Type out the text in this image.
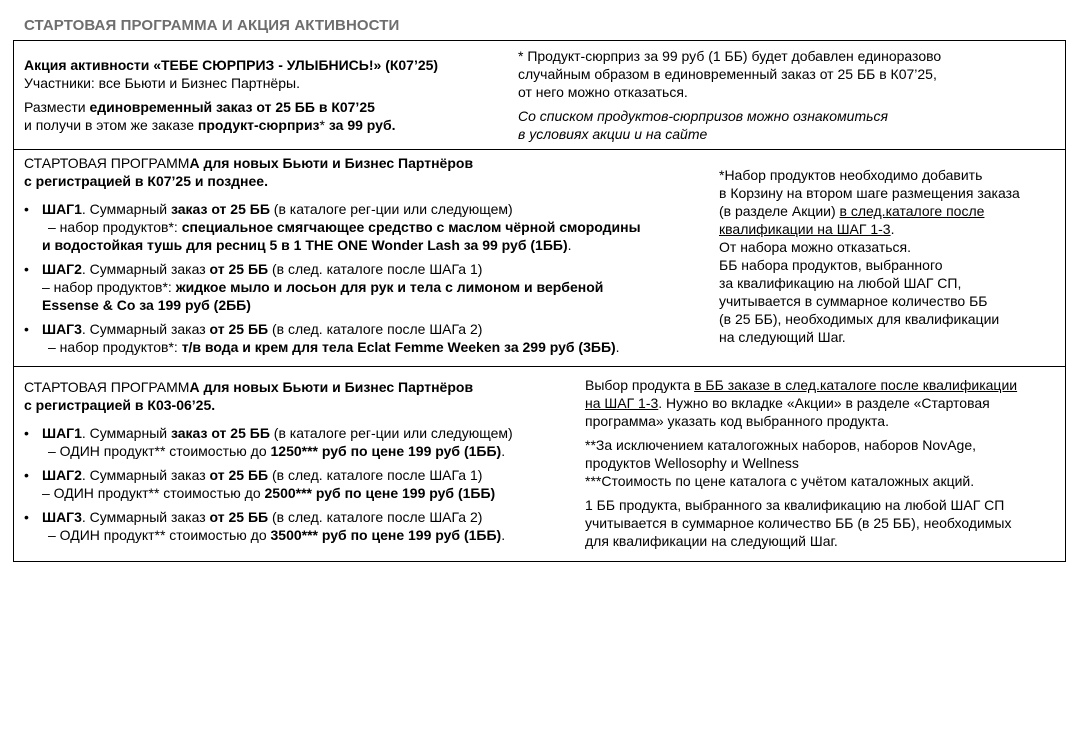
СТАРТОВАЯ ПРОГРАММА И АКЦИЯ АКТИВНОСТИ

Акция активности «ТЕБЕ СЮРПРИЗ - УЛЫБНИСЬ!» (К07’25)

Участники: все Бьюти и Бизнес Партнёры.

Размести единовременный заказ от 25 ББ в К07’25

и получи в этом же заказе продукт-сюрприз* за 99 руб.

* Продукт-сюрприз за 99 руб (1 ББ) будет добавлен единоразово

случайным образом в единовременный заказ от 25 ББ в К07’25,

от него можно отказаться.

Со списком продуктов-сюрпризов можно ознакомиться

в условиях акции и на сайте

СТАРТОВАЯ ПРОГРАММА для новых Бьюти и Бизнес Партнёров

с регистрацией в К07’25 и позднее.

• ШАГ1. Суммарный заказ от 25 ББ (в каталоге рег-ции или следующем)

– набор продуктов*: специальное смягчающее средство с маслом чёрной смородины

и водостойкая тушь для ресниц 5 в 1 THE ONE Wonder Lash за 99 руб (1ББ).

• ШАГ2. Суммарный заказ от 25 ББ (в след. каталоге после ШАГа 1)

– набор продуктов*: жидкое мыло и лосьон для рук и тела с лимоном и вербеной

Essense & Co за 199 руб (2ББ)

• ШАГ3. Суммарный заказ от 25 ББ (в след. каталоге после ШАГа 2)

– набор продуктов*: т/в вода и крем для тела Eclat Femme Weeken за 299 руб (3ББ).

*Набор продуктов необходимо добавить

в Корзину на втором шаге размещения заказа

(в разделе Акции) в след.каталоге после

квалификации на ШАГ 1-3.

От набора можно отказаться.

ББ набора продуктов, выбранного

за квалификацию на любой ШАГ СП,

учитывается в суммарное количество ББ

(в 25 ББ), необходимых для квалификации

на следующий Шаг.

СТАРТОВАЯ ПРОГРАММА для новых Бьюти и Бизнес Партнёров

с регистрацией в К03-06’25.

• ШАГ1. Суммарный заказ от 25 ББ (в каталоге рег-ции или следующем)

– ОДИН продукт** стоимостью до 1250*** руб по цене 199 руб (1ББ).

• ШАГ2. Суммарный заказ от 25 ББ (в след. каталоге после ШАГа 1)

– ОДИН продукт** стоимостью до 2500*** руб по цене 199 руб (1ББ)

• ШАГ3. Суммарный заказ от 25 ББ (в след. каталоге после ШАГа 2)

– ОДИН продукт** стоимостью до 3500*** руб по цене 199 руб (1ББ).

Выбор продукта в ББ заказе в след.каталоге после квалификации

на ШАГ 1-3. Нужно во вкладке «Акции» в разделе «Стартовая

программа» указать код выбранного продукта.

**За исключением каталогожных наборов, наборов NovAge,

продуктов Wellosophy и Wellness

***Стоимость по цене каталога с учётом каталожных акций.

1 ББ продукта, выбранного за квалификацию на любой ШАГ СП

учитывается в суммарное количество ББ (в 25 ББ), необходимых

для квалификации на следующий Шаг.
